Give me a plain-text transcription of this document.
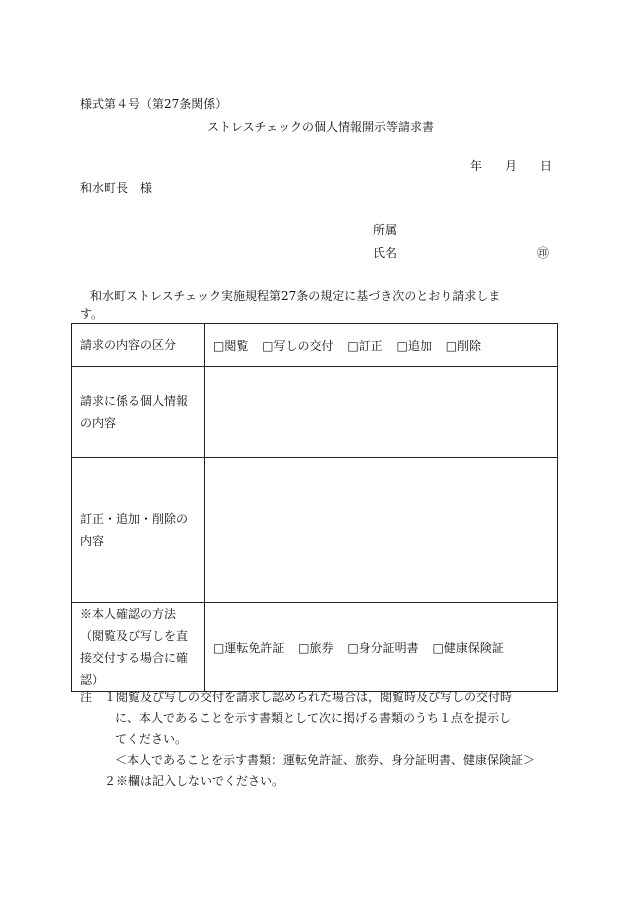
様式第４号（第27条関係）
ストレスチェックの個人情報開示等請求書
年 月 日
和水町長　様
所属
氏名	㊞
和水町ストレスチェック実施規程第27条の規定に基づき次のとおり請求しま
す。
請求の内容の区分	□閲覧 □写しの交付 □訂正 □追加 □削除

請求に係る個人情報
の内容	

訂正・追加・削除の
内容	

※本人確認の方法
（閲覧及び写しを直
接交付する場合に確
認）	□運転免許証 □旅券 □身分証明書 □健康保険証
注 １閲覧及び写しの交付を請求し認められた場合は，閲覧時及び写しの交付時
に、本人であることを示す書類として次に掲げる書類のうち１点を提示し
てください。
＜本人であることを示す書類：運転免許証、旅券、身分証明書、健康保険証＞
２※欄は記入しないでください。
